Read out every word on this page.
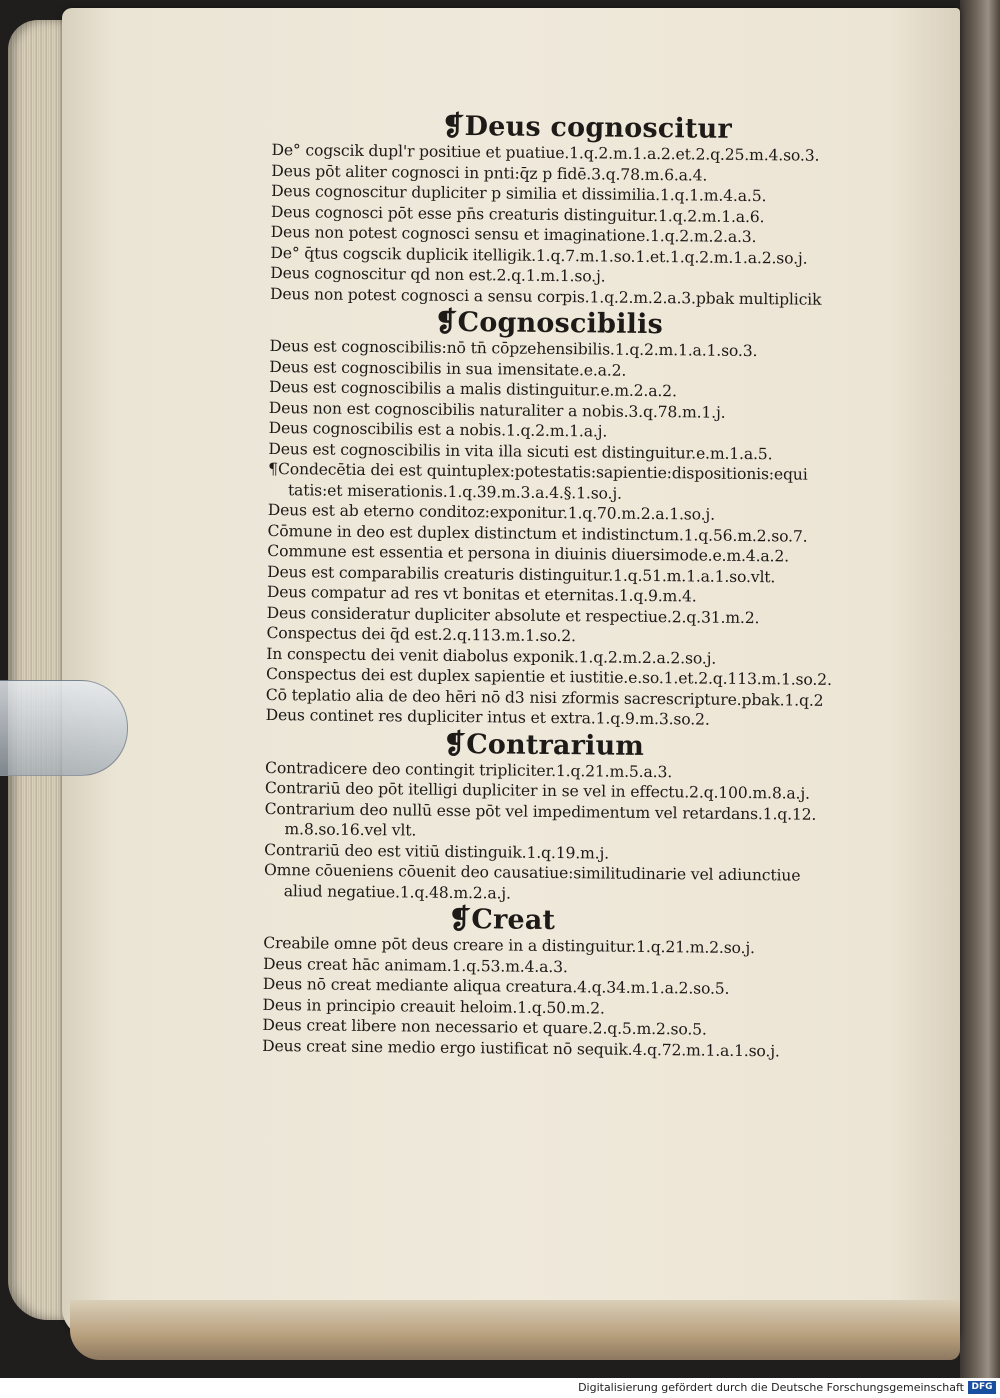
❡Deus cognoscitur
De° cogscik dupl'r positiue et puatiue.1.q.2.m.1.a.2.et.2.q.25.m.4.so.3.
Deus pōt aliter cognosci in pnti:q̄z p fidē.3.q.78.m.6.a.4.
Deus cognoscitur dupliciter p similia et dissimilia.1.q.1.m.4.a.5.
Deus cognosci pōt esse pn̄s creaturis distinguitur.1.q.2.m.1.a.6.
Deus non potest cognosci sensu et imaginatione.1.q.2.m.2.a.3.
De° q̄tus cogscik duplicik itelligik.1.q.7.m.1.so.1.et.1.q.2.m.1.a.2.so.j.
Deus cognoscitur qd non est.2.q.1.m.1.so.j.
Deus non potest cognosci a sensu corpis.1.q.2.m.2.a.3.pbak multiplicik
❡Cognoscibilis
Deus est cognoscibilis:nō tn̄ cōpzehensibilis.1.q.2.m.1.a.1.so.3.
Deus est cognoscibilis in sua imensitate.e.a.2.
Deus est cognoscibilis a malis distinguitur.e.m.2.a.2.
Deus non est cognoscibilis naturaliter a nobis.3.q.78.m.1.j.
Deus cognoscibilis est a nobis.1.q.2.m.1.a.j.
Deus est cognoscibilis in vita illa sicuti est distinguitur.e.m.1.a.5.
¶Condecētia dei est quintuplex:potestatis:sapientie:dispositionis:equi
tatis:et miserationis.1.q.39.m.3.a.4.§.1.so.j.
Deus est ab eterno conditoz:exponitur.1.q.70.m.2.a.1.so.j.
Cōmune in deo est duplex distinctum et indistinctum.1.q.56.m.2.so.7.
Commune est essentia et persona in diuinis diuersimode.e.m.4.a.2.
Deus est comparabilis creaturis distinguitur.1.q.51.m.1.a.1.so.vlt.
Deus compatur ad res vt bonitas et eternitas.1.q.9.m.4.
Deus consideratur dupliciter absolute et respectiue.2.q.31.m.2.
Conspectus dei q̄d est.2.q.113.m.1.so.2.
In conspectu dei venit diabolus exponik.1.q.2.m.2.a.2.so.j.
Conspectus dei est duplex sapientie et iustitie.e.so.1.et.2.q.113.m.1.so.2.
Cō teplatio alia de deo hēri nō d3 nisi zformis sacrescripture.pbak.1.q.2
Deus continet res dupliciter intus et extra.1.q.9.m.3.so.2.
❡Contrarium
Contradicere deo contingit tripliciter.1.q.21.m.5.a.3.
Contrariū deo pōt itelligi dupliciter in se vel in effectu.2.q.100.m.8.a.j.
Contrarium deo nullū esse pōt vel impedimentum vel retardans.1.q.12.
m.8.so.16.vel vlt.
Contrariū deo est vitiū distinguik.1.q.19.m.j.
Omne cōueniens cōuenit deo causatiue:similitudinarie vel adiunctiue
aliud negatiue.1.q.48.m.2.a.j.
❡Creat
Creabile omne pōt deus creare in a distinguitur.1.q.21.m.2.so.j.
Deus creat hāc animam.1.q.53.m.4.a.3.
Deus nō creat mediante aliqua creatura.4.q.34.m.1.a.2.so.5.
Deus in principio creauit heloim.1.q.50.m.2.
Deus creat libere non necessario et quare.2.q.5.m.2.so.5.
Deus creat sine medio ergo iustificat nō sequik.4.q.72.m.1.a.1.so.j.
Digitalisierung gefördert durch die Deutsche Forschungsgemeinschaft DFG
